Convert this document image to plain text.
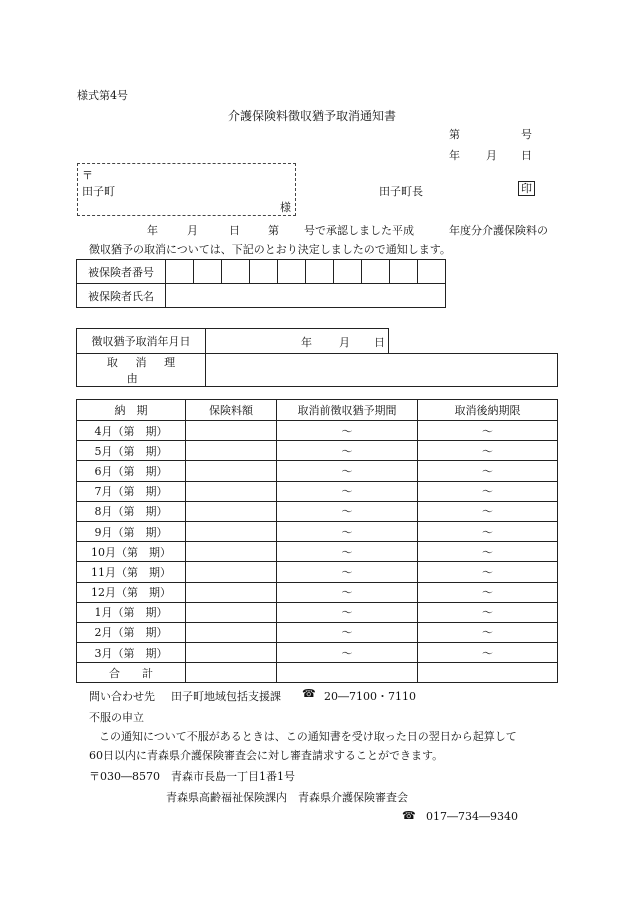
様式第4号
介護保険料徴収猶予取消通知書
第	号
年 月 日
〒
田子町
様
田子町長	印
年	月	日	第 号で承認しました平成	年度分介護保険料の
徴収猶予の取消については、下記のとおり決定しましたので通知します。
被保険者番号										
被保険者氏名										
徴収猶予取消年月日	年 月 日
取消理由	
納　期	保険料額	取消前徴収猶予期間	取消後納期限
4月（第　期）		～	～
5月（第　期）		～	～
6月（第　期）		～	～
7月（第　期）		～	～
8月（第　期）		～	～
9月（第　期）		～	～
10月（第　期）		～	～
11月（第　期）		～	～
12月（第　期）		～	～
1月（第　期）		～	～
2月（第　期）		～	～
3月（第　期）		～	～
合　　計			
問い合わせ先 田子町地域包括支援課 ☎ 20―7100・7110
不服の申立
この通知について不服があるときは、この通知書を受け取った日の翌日から起算して
60日以内に青森県介護保険審査会に対し審査請求することができます。
〒030―8570　青森市長島一丁目1番1号
青森県高齢福祉保険課内　青森県介護保険審査会
☎ 017―734―9340
